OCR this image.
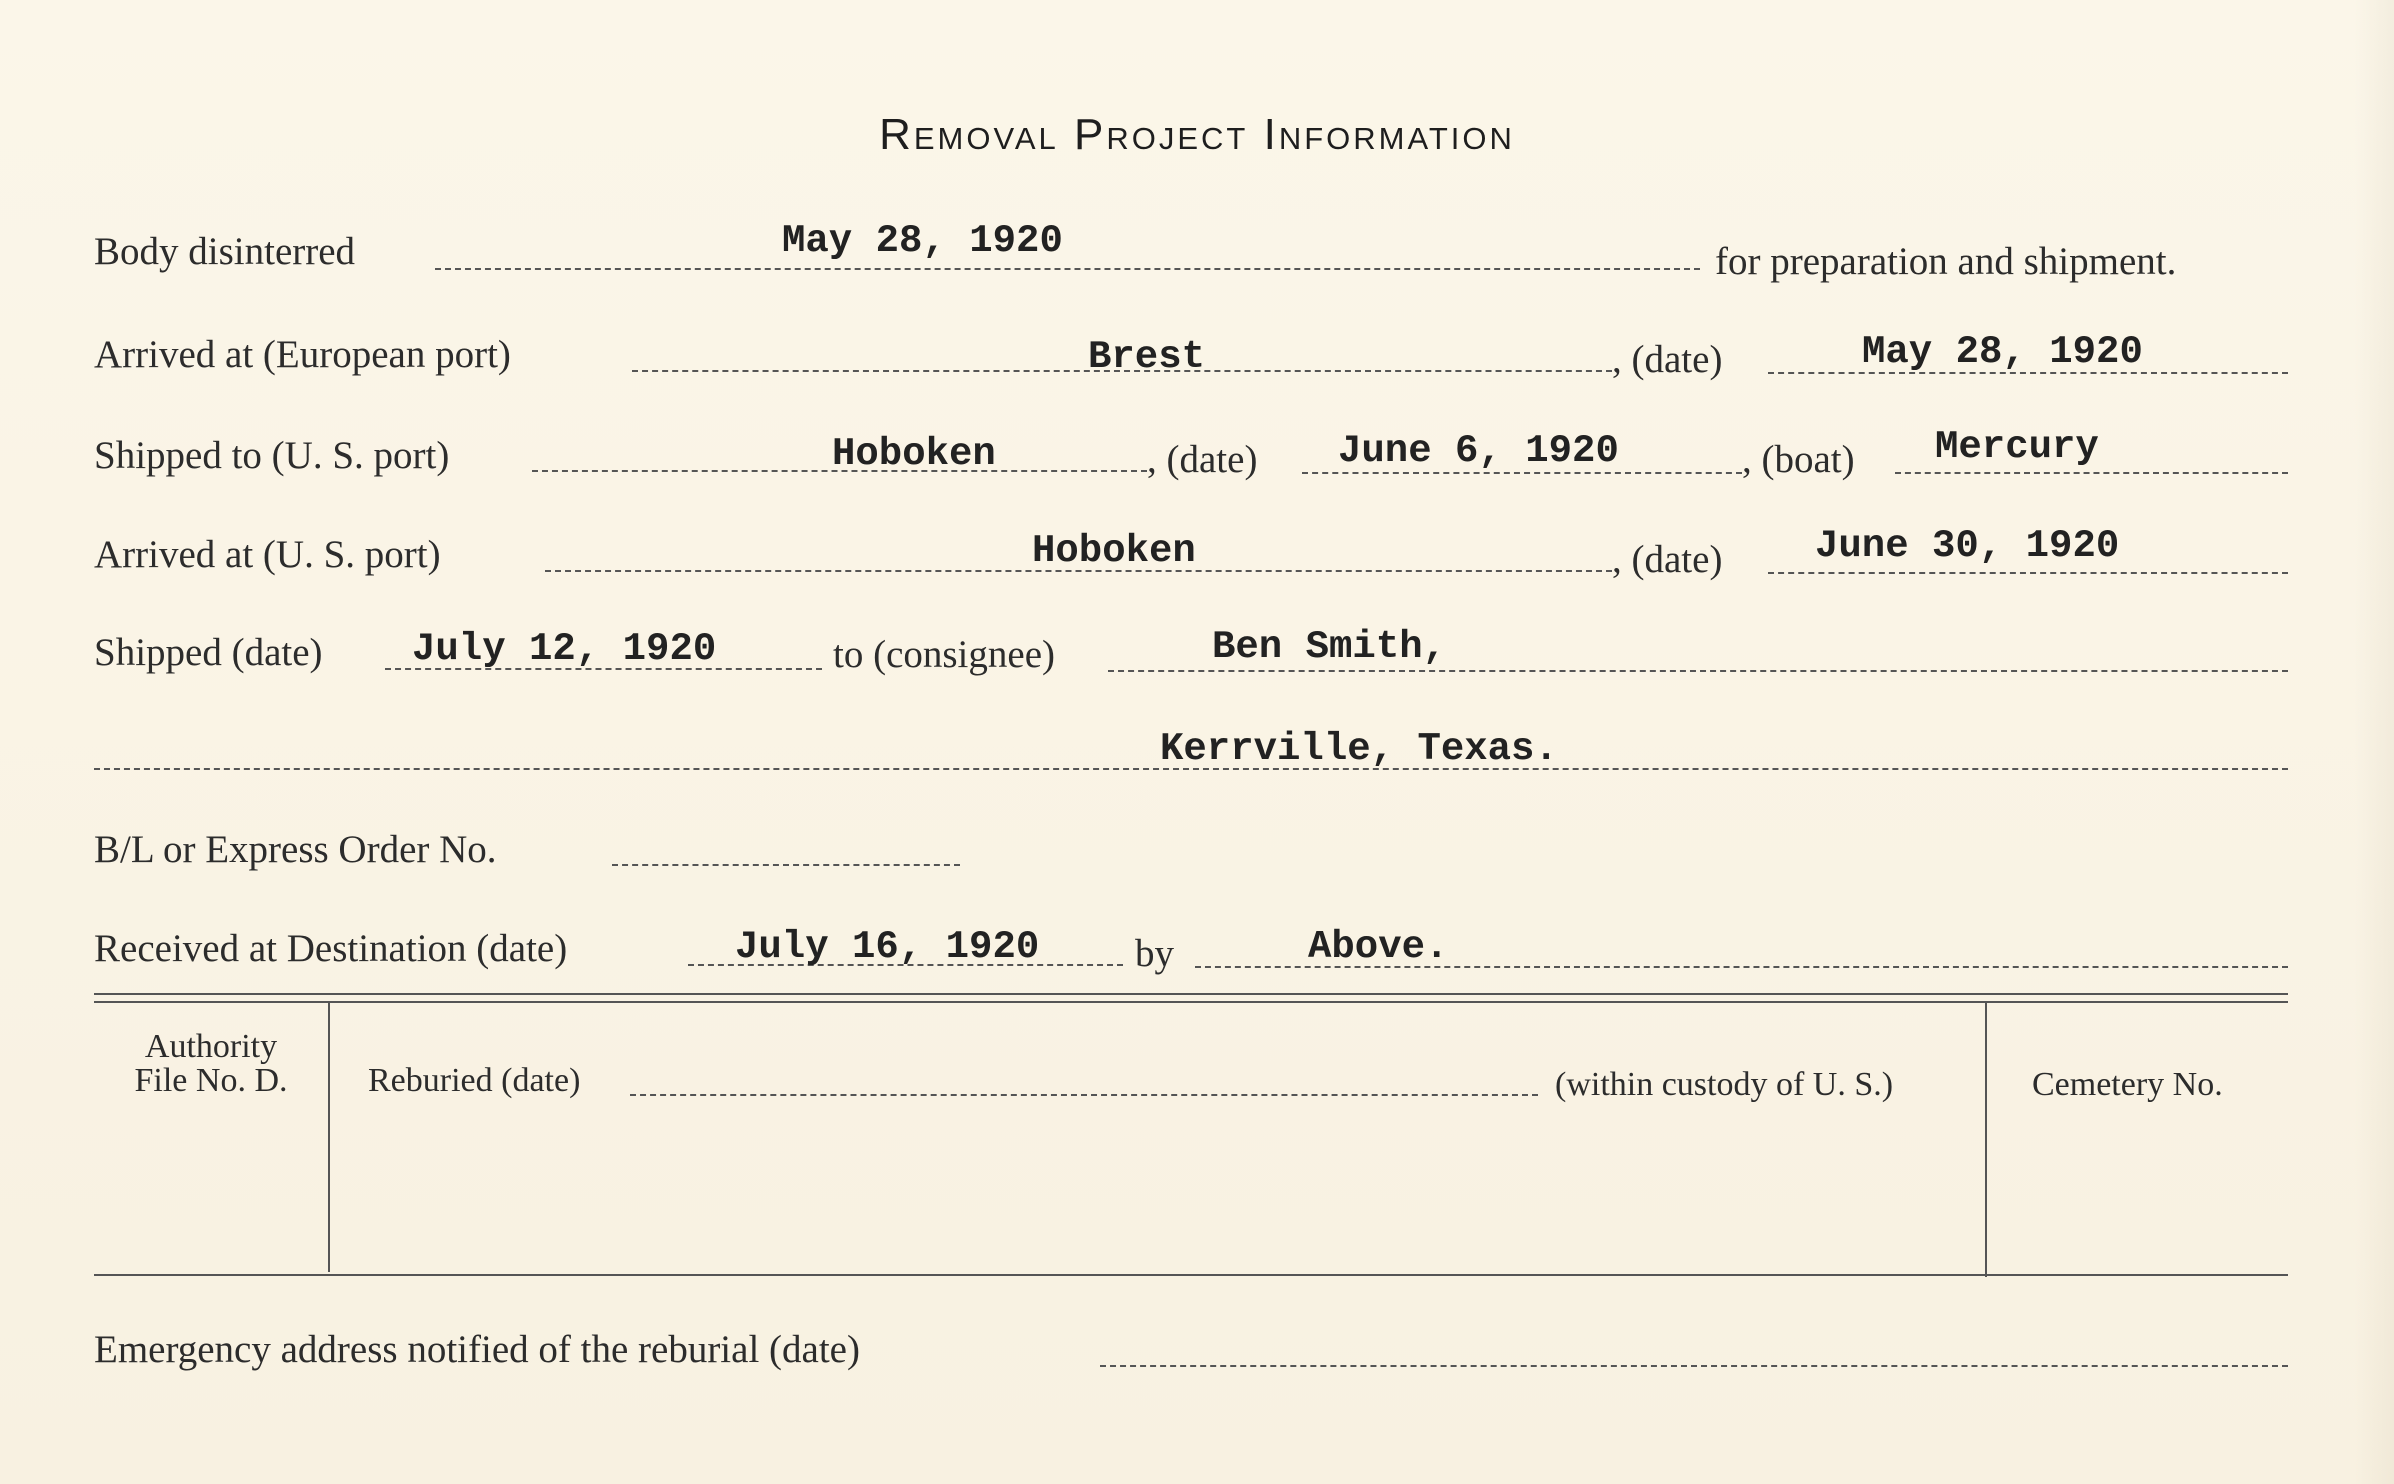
Removal Project Information
Body disinterred	May 28, 1920	for preparation and shipment.
Arrived at (European port)	Brest	, (date)	May 28, 1920
Shipped to (U. S. port)	Hoboken	, (date) June 6, 1920	, (boat) Mercury
Arrived at (U. S. port)	Hoboken	, (date) June 30, 1920
Shipped (date) July 12, 1920	to (consignee)	Ben Smith,
Kerrville, Texas.
B/L or Express Order No.
Received at Destination (date)	July 16, 1920 by	Above.
Authority
File No. D.	Reburied (date)	(within custody of U. S.)	Cemetery No.
Emergency address notified of the reburial (date)
